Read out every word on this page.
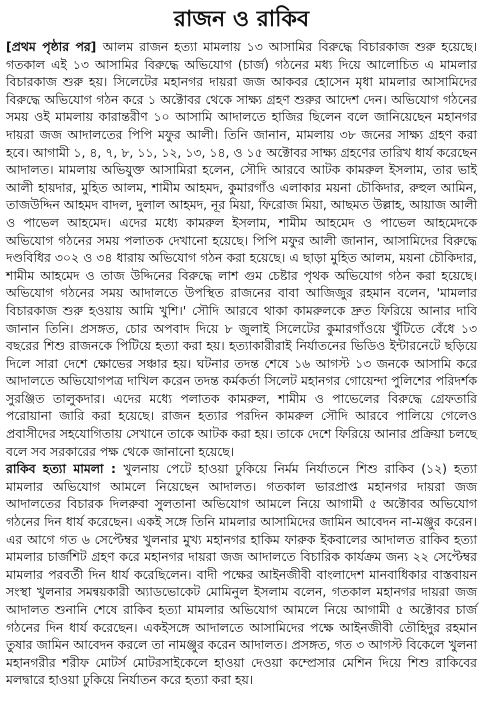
রাজন ও রাকিব

[প্রথম পৃষ্ঠার পর] আলম রাজন হত্যা মামলায় ১৩ আসামির বিরুদ্ধে বিচারকাজ শুরু হয়েছে। গতকাল এই ১৩ আসামির বিরুদ্ধে অভিযোগ (চার্জ) গঠনের মধ্য দিয়ে আলোচিত এ মামলার বিচারকাজ শুরু হয়। সিলেটের মহানগর দায়রা জজ আকবর হোসেন মৃধা মামলার আসামিদের বিরুদ্ধে অভিযোগ গঠন করে ১ অক্টোবর থেকে সাক্ষ্য গ্রহণ শুরুর আদেশ দেন। অভিযোগ গঠনের সময় ওই মামলায় কারান্তরীণ ১০ আসামি আদালতে হাজির ছিলেন বলে জানিয়েছেন মহানগর দায়রা জজ আদালতের পিপি মফুর আলী। তিনি জানান, মামলায় ৩৮ জনের সাক্ষ্য গ্রহণ করা হবে। আগামী ১, ৪, ৭, ৮, ১১, ১২, ১৩, ১৪, ও ১৫ অক্টোবর সাক্ষ্য গ্রহণের তারিখ ধার্য করেছেন আদালত। মামলায় অভিযুক্ত আসামিরা হলেন, সৌদি আরবে আটক কামরুল ইসলাম, তার ভাই আলী হায়দার, মুহিত আলম, শামীম আহমদ, কুমারগাঁও এলাকার ময়না চৌকিদার, রুহুল আমিন, তাজউদ্দিন আহমদ বাদল, দুলাল আহমদ, নূর মিয়া, ফিরোজ মিয়া, আছমত উল্লাহ, আয়াজ আলী ও পাভেল আহমেদ। এদের মধ্যে কামরুল ইসলাম, শামীম আহমেদ ও পাভেল আহমেদকে অভিযোগ গঠনের সময় পলাতক দেখানো হয়েছে। পিপি মফুর আলী জানান, আসামিদের বিরুদ্ধে দণ্ডবিধির ৩০২ ও ৩৪ ধারায় অভিযোগ গঠন করা হয়েছে। এ ছাড়া মুহিত আলম, ময়না চৌকিদার, শামীম আহমেদ ও তাজ উদ্দিনের বিরুদ্ধে লাশ গুম চেষ্টার পৃথক অভিযোগ গঠন করা হয়েছে। অভিযোগ গঠনের সময় আদালতে উপস্থিত রাজনের বাবা আজিজুর রহমান বলেন, 'মামলার বিচারকাজ শুরু হওয়ায় আমি খুশি।' সৌদি আরবে থাকা কামরুলকে দ্রুত ফিরিয়ে আনার দাবি জানান তিনি। প্রসঙ্গত, চোর অপবাদ দিয়ে ৮ জুলাই সিলেটের কুমারগাঁওয়ে খুঁটিতে বেঁধে ১৩ বছরের শিশু রাজনকে পিটিয়ে হত্যা করা হয়। হত্যাকারীরাই নির্যাতনের ভিডিও ইন্টারনেটে ছড়িয়ে দিলে সারা দেশে ক্ষোভের সঞ্চার হয়। ঘটনার তদন্ত শেষে ১৬ আগস্ট ১৩ জনকে আসামি করে আদালতে অভিযোগপত্র দাখিল করেন তদন্ত কর্মকর্তা সিলেট মহানগর গোয়েন্দা পুলিশের পরিদর্শক সুরঞ্জিত তালুকদার। এদের মধ্যে পলাতক কামরুল, শামীম ও পাভেলের বিরুদ্ধে গ্রেফতারি পরোয়ানা জারি করা হয়েছে। রাজন হত্যার পরদিন কামরুল সৌদি আরবে পালিয়ে গেলেও প্রবাসীদের সহযোগিতায় সেখানে তাকে আটক করা হয়। তাকে দেশে ফিরিয়ে আনার প্রক্রিয়া চলছে বলে সব সরকারের পক্ষ থেকে জানানো হয়েছে।

রাকিব হত্যা মামলা : খুলনায় পেটে হাওয়া ঢুকিয়ে নির্মম নির্যাতনে শিশু রাকিব (১২) হত্যা মামলার অভিযোগ আমলে নিয়েছেন আদালত। গতকাল ভারপ্রাপ্ত মহানগর দায়রা জজ আদালতের বিচারক দিলরুবা সুলতানা অভিযোগ আমলে নিয়ে আগামী ৫ অক্টোবর অভিযোগ গঠনের দিন ধার্য করেছেন। একই সঙ্গে তিনি মামলার আসামিদের জামিন আবেদন না-মঞ্জুর করেন। এর আগে গত ৬ সেপ্টেম্বর খুলনার মুখ্য মহানগর হাকিম ফারুক ইকবালের আদালত রাকিব হত্যা মামলার চার্জশিট গ্রহণ করে মহানগর দায়রা জজ আদালতে বিচারিক কার্যক্রম জন্য ২২ সেপ্টেম্বর মামলার পরবর্তী দিন ধার্য করেছিলেন। বাদী পক্ষের আইনজীবী বাংলাদেশ মানবাধিকার বাস্তবায়ন সংস্থা খুলনার সমন্বয়কারী অ্যাডভোকেট মোমিনুল ইসলাম বলেন, গতকাল মহানগর দায়রা জজ আদালত শুনানি শেষে রাকিব হত্যা মামলার অভিযোগ আমলে নিয়ে আগামী ৫ অক্টোবর চার্জ গঠনের দিন ধার্য করেছেন। একইসঙ্গে আদালতে আসামিদের পক্ষে আইনজীবী তৌহিদুর রহমান তুষার জামিন আবেদন করলে তা নামঞ্জুর করেন আদালত। প্রসঙ্গত, গত ৩ আগস্ট বিকেলে খুলনা মহানগরীর শরীফ মোটর্স মোটরসাইকেলে হাওয়া দেওয়া কম্প্রেসার মেশিন দিয়ে শিশু রাকিবের মলদ্বারে হাওয়া ঢুকিয়ে নির্যাতন করে হত্যা করা হয়।
